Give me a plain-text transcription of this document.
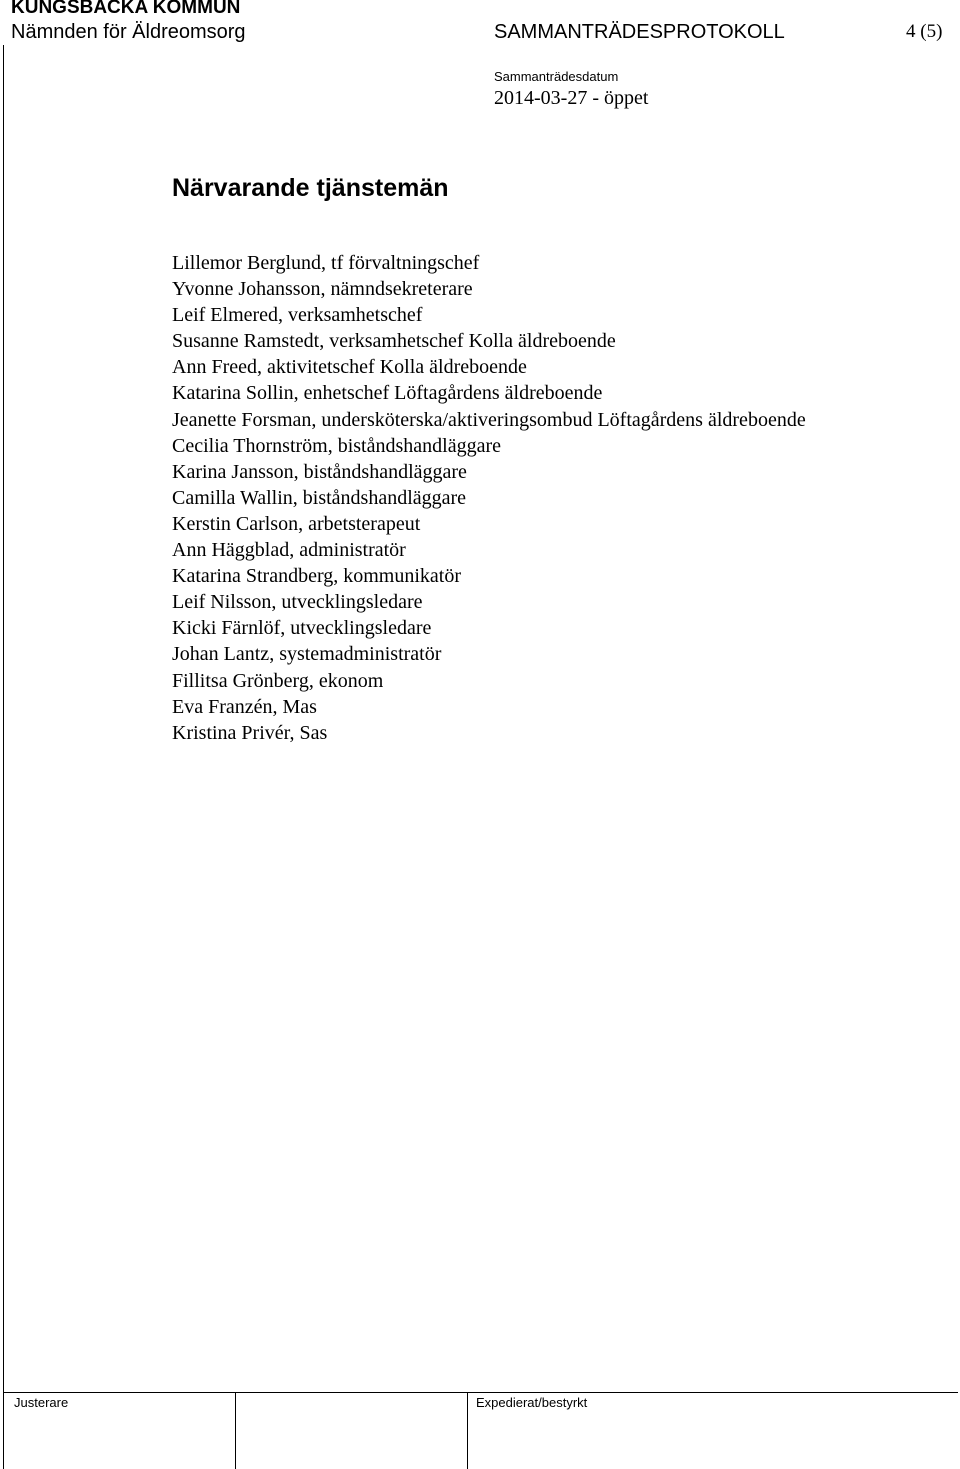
KUNGSBACKA KOMMUN
Nämnden för Äldreomsorg	SAMMANTRÄDESPROTOKOLL	4 (5)
Sammanträdesdatum
2014-03-27 - öppet
Närvarande tjänstemän
Lillemor Berglund, tf förvaltningschef
Yvonne Johansson, nämndsekreterare
Leif Elmered, verksamhetschef
Susanne Ramstedt, verksamhetschef Kolla äldreboende
Ann Freed, aktivitetschef Kolla äldreboende
Katarina Sollin, enhetschef Löftagårdens äldreboende
Jeanette Forsman, undersköterska/aktiveringsombud Löftagårdens äldreboende
Cecilia Thornström, biståndshandläggare
Karina Jansson, biståndshandläggare
Camilla Wallin, biståndshandläggare
Kerstin Carlson, arbetsterapeut
Ann Häggblad, administratör
Katarina Strandberg, kommunikatör
Leif Nilsson, utvecklingsledare
Kicki Färnlöf, utvecklingsledare
Johan Lantz, systemadministratör
Fillitsa Grönberg, ekonom
Eva Franzén, Mas
Kristina Privér, Sas
Justerare	Expedierat/bestyrkt
